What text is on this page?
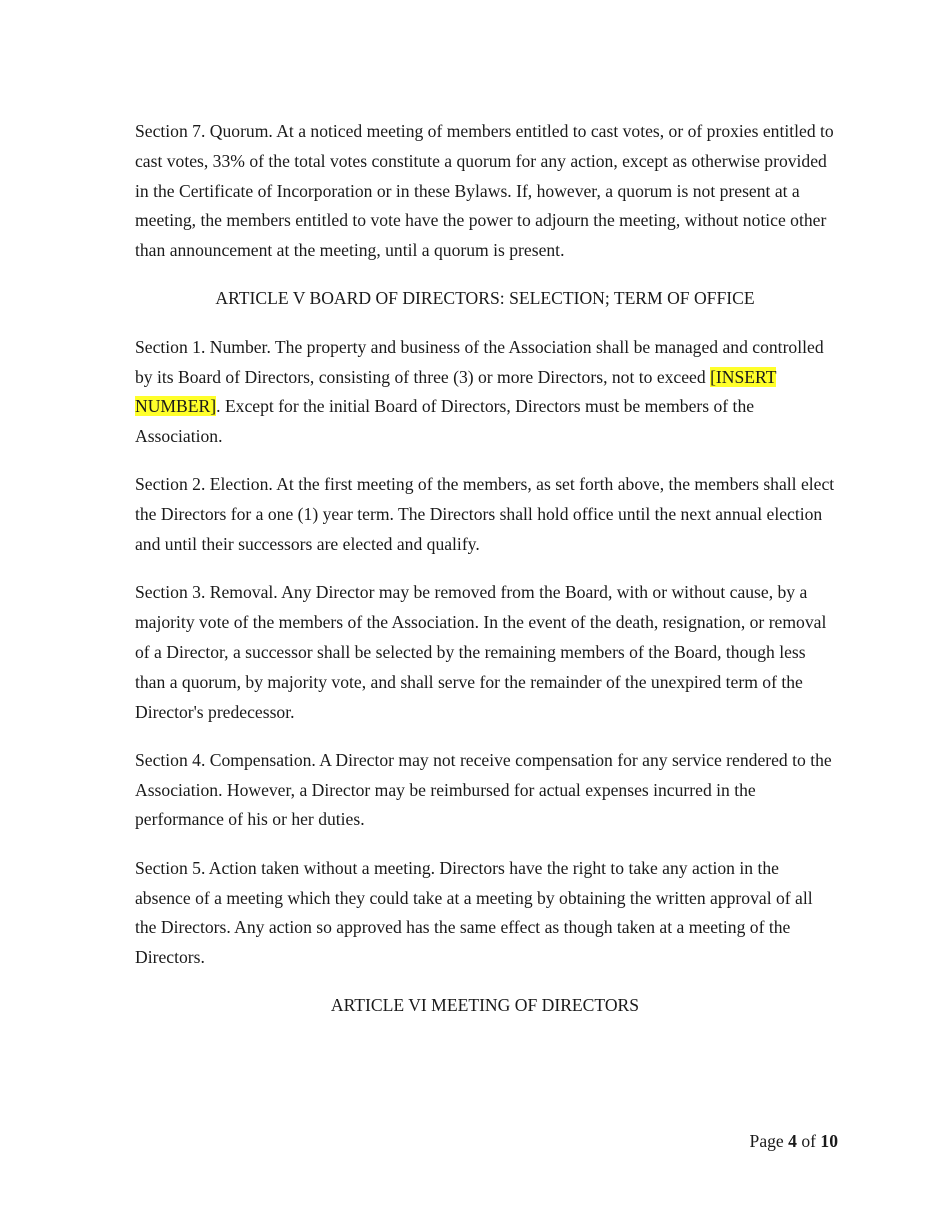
Section 7. Quorum. At a noticed meeting of members entitled to cast votes, or of proxies entitled to cast votes, 33% of the total votes constitute a quorum for any action, except as otherwise provided in the Certificate of Incorporation or in these Bylaws. If, however, a quorum is not present at a meeting, the members entitled to vote have the power to adjourn the meeting, without notice other than announcement at the meeting, until a quorum is present.

ARTICLE V BOARD OF DIRECTORS: SELECTION; TERM OF OFFICE

Section 1. Number. The property and business of the Association shall be managed and controlled by its Board of Directors, consisting of three (3) or more Directors, not to exceed [INSERT NUMBER]. Except for the initial Board of Directors, Directors must be members of the Association.

Section 2. Election. At the first meeting of the members, as set forth above, the members shall elect the Directors for a one (1) year term. The Directors shall hold office until the next annual election and until their successors are elected and qualify.

Section 3. Removal. Any Director may be removed from the Board, with or without cause, by a majority vote of the members of the Association. In the event of the death, resignation, or removal of a Director, a successor shall be selected by the remaining members of the Board, though less than a quorum, by majority vote, and shall serve for the remainder of the unexpired term of the Director's predecessor.

Section 4. Compensation. A Director may not receive compensation for any service rendered to the Association. However, a Director may be reimbursed for actual expenses incurred in the performance of his or her duties.

Section 5. Action taken without a meeting. Directors have the right to take any action in the absence of a meeting which they could take at a meeting by obtaining the written approval of all the Directors. Any action so approved has the same effect as though taken at a meeting of the Directors.

ARTICLE VI MEETING OF DIRECTORS

Page 4 of 10
